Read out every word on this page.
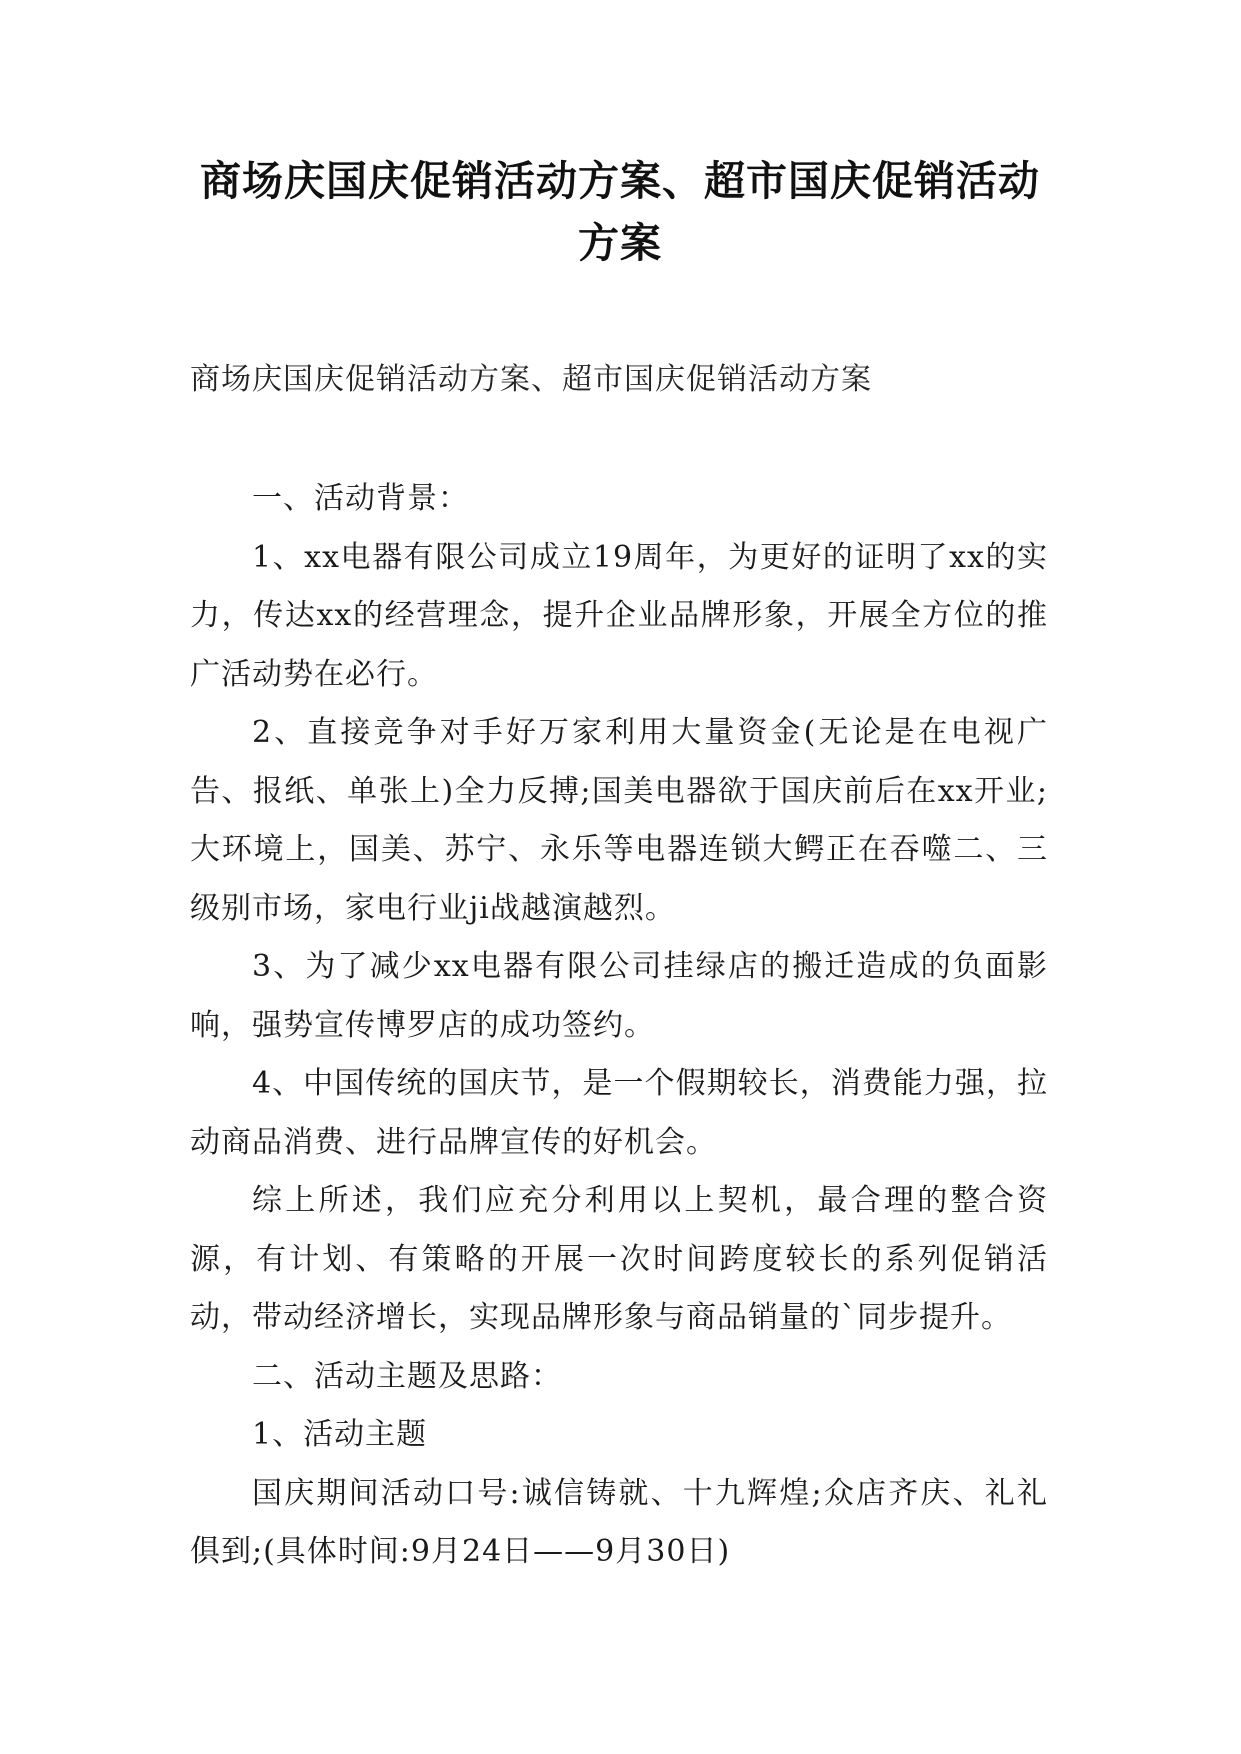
商场庆国庆促销活动方案、超市国庆促销活动方案

商场庆国庆促销活动方案、超市国庆促销活动方案

一、活动背景：

1、xx电器有限公司成立19周年，为更好的证明了xx的实力，传达xx的经营理念，提升企业品牌形象，开展全方位的推广活动势在必行。

2、直接竞争对手好万家利用大量资金(无论是在电视广告、报纸、单张上)全力反搏;国美电器欲于国庆前后在xx开业;大环境上，国美、苏宁、永乐等电器连锁大鳄正在吞噬二、三级别市场，家电行业ji战越演越烈。

3、为了减少xx电器有限公司挂绿店的搬迁造成的负面影响，强势宣传博罗店的成功签约。

4、中国传统的国庆节，是一个假期较长，消费能力强，拉动商品消费、进行品牌宣传的好机会。

综上所述，我们应充分利用以上契机，最合理的整合资源，有计划、有策略的开展一次时间跨度较长的系列促销活动，带动经济增长，实现品牌形象与商品销量的`同步提升。

二、活动主题及思路：

1、活动主题

国庆期间活动口号:诚信铸就、十九辉煌;众店齐庆、礼礼俱到;(具体时间:9月24日——9月30日)
